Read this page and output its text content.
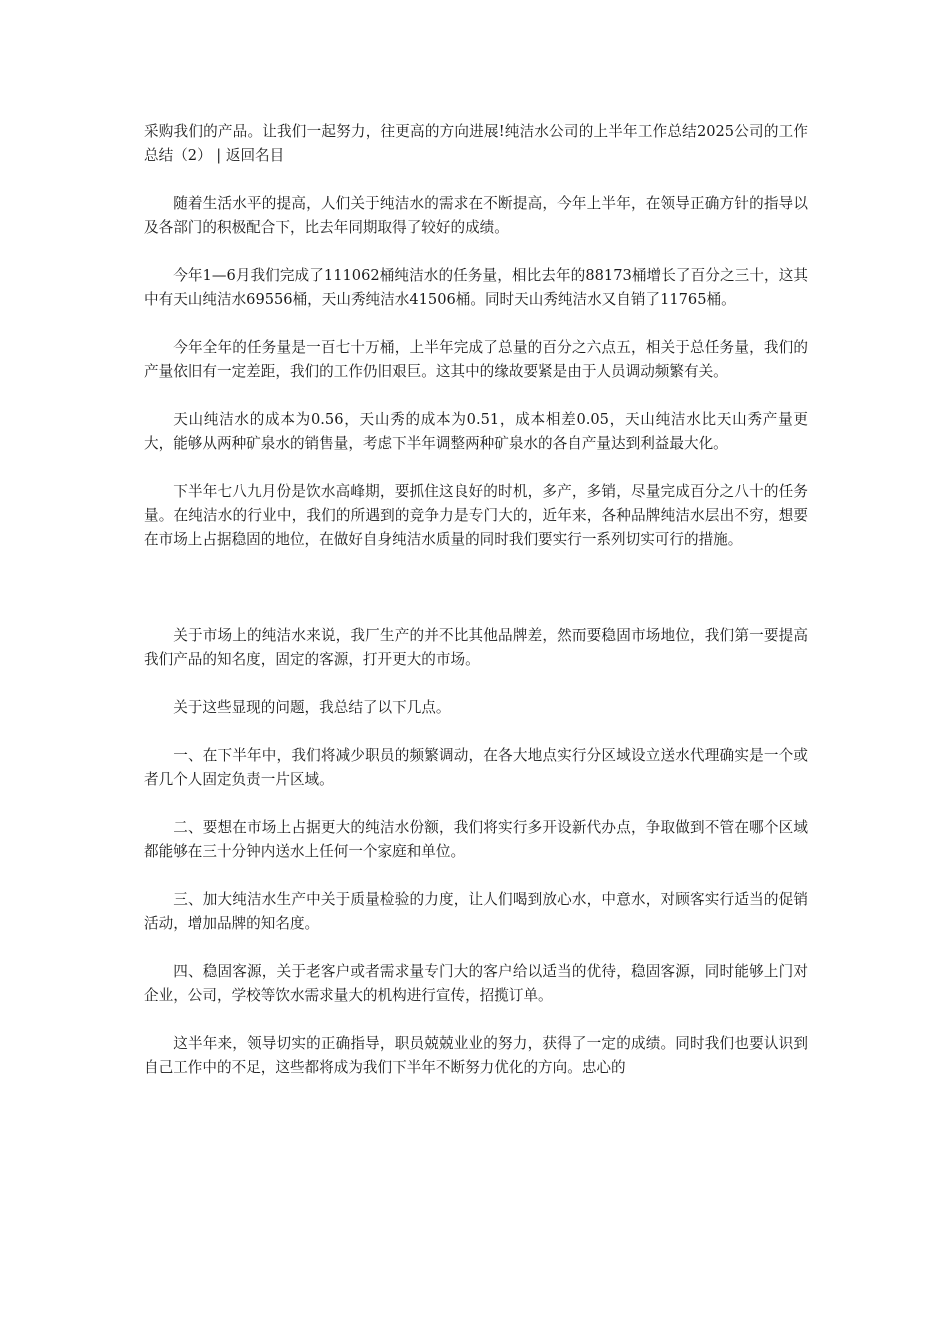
采购我们的产品。让我们一起努力，往更高的方向进展!纯洁水公司的上半年工作总结2025公司的工作总结（2） | 返回名目

随着生活水平的提高，人们关于纯洁水的需求在不断提高，今年上半年，在领导正确方针的指导以及各部门的积极配合下，比去年同期取得了较好的成绩。

今年1—6月我们完成了111062桶纯洁水的任务量，相比去年的88173桶增长了百分之三十，这其中有天山纯洁水69556桶，天山秀纯洁水41506桶。同时天山秀纯洁水又自销了11765桶。

今年全年的任务量是一百七十万桶，上半年完成了总量的百分之六点五，相关于总任务量，我们的产量依旧有一定差距，我们的工作仍旧艰巨。这其中的缘故要紧是由于人员调动频繁有关。

天山纯洁水的成本为0.56，天山秀的成本为0.51，成本相差0.05，天山纯洁水比天山秀产量更大，能够从两种矿泉水的销售量，考虑下半年调整两种矿泉水的各自产量达到利益最大化。

下半年七八九月份是饮水高峰期，要抓住这良好的时机，多产，多销，尽量完成百分之八十的任务量。在纯洁水的行业中，我们的所遇到的竞争力是专门大的，近年来，各种品牌纯洁水层出不穷，想要在市场上占据稳固的地位，在做好自身纯洁水质量的同时我们要实行一系列切实可行的措施。

关于市场上的纯洁水来说，我厂生产的并不比其他品牌差，然而要稳固市场地位，我们第一要提高我们产品的知名度，固定的客源，打开更大的市场。

关于这些显现的问题，我总结了以下几点。

一、在下半年中，我们将减少职员的频繁调动，在各大地点实行分区域设立送水代理确实是一个或者几个人固定负责一片区域。

二、要想在市场上占据更大的纯洁水份额，我们将实行多开设新代办点，争取做到不管在哪个区域都能够在三十分钟内送水上任何一个家庭和单位。

三、加大纯洁水生产中关于质量检验的力度，让人们喝到放心水，中意水，对顾客实行适当的促销活动，增加品牌的知名度。

四、稳固客源，关于老客户或者需求量专门大的客户给以适当的优待，稳固客源，同时能够上门对企业，公司，学校等饮水需求量大的机构进行宣传，招揽订单。

这半年来，领导切实的正确指导，职员兢兢业业的努力，获得了一定的成绩。同时我们也要认识到自己工作中的不足，这些都将成为我们下半年不断努力优化的方向。忠心的
